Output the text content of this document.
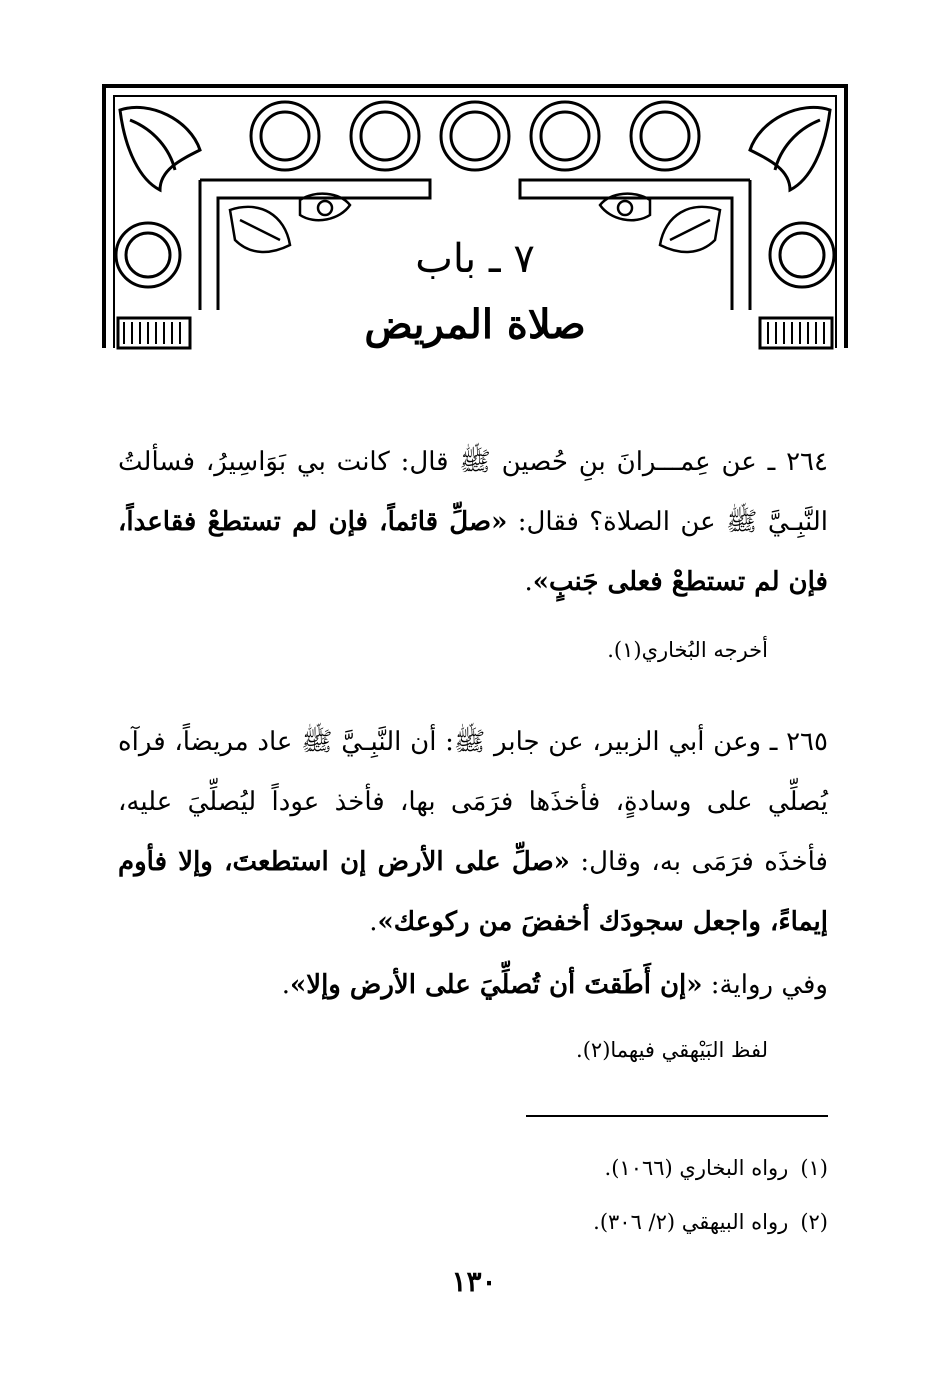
٧ ـ باب
صلاة المريض
٢٦٤ ـ عن عِمـــرانَ بنِ حُصين ﷺ قال: كانت بي بَوَاسِيرُ، فسألتُ النَّبِـيَّ ﷺ عن الصلاة؟ فقال: «صلِّ قائماً، فإن لم تستطعْ فقاعداً، فإن لم تستطعْ فعلى جَنبٍ».
أخرجه البُخاري(١).
٢٦٥ ـ وعن أبي الزبير، عن جابر ﷺ: أن النَّبِـيَّ ﷺ عاد مريضاً، فرآه يُصلِّي على وسادةٍ، فأخذَها فرَمَى بها، فأخذ عوداً ليُصلِّيَ عليه، فأخذَه فرَمَى به، وقال: «صلِّ على الأرض إن استطعتَ، وإلا فأوم إيماءً، واجعل سجودَك أخفضَ من ركوعك».
وفي رواية: «إن أَطَقتَ أن تُصلِّيَ على الأرض وإلا».
لفظ البَيْهقي فيهما(٢).
(١)رواه البخاري (١٠٦٦).
(٢)رواه البيهقي (٢/ ٣٠٦).
١٣٠
